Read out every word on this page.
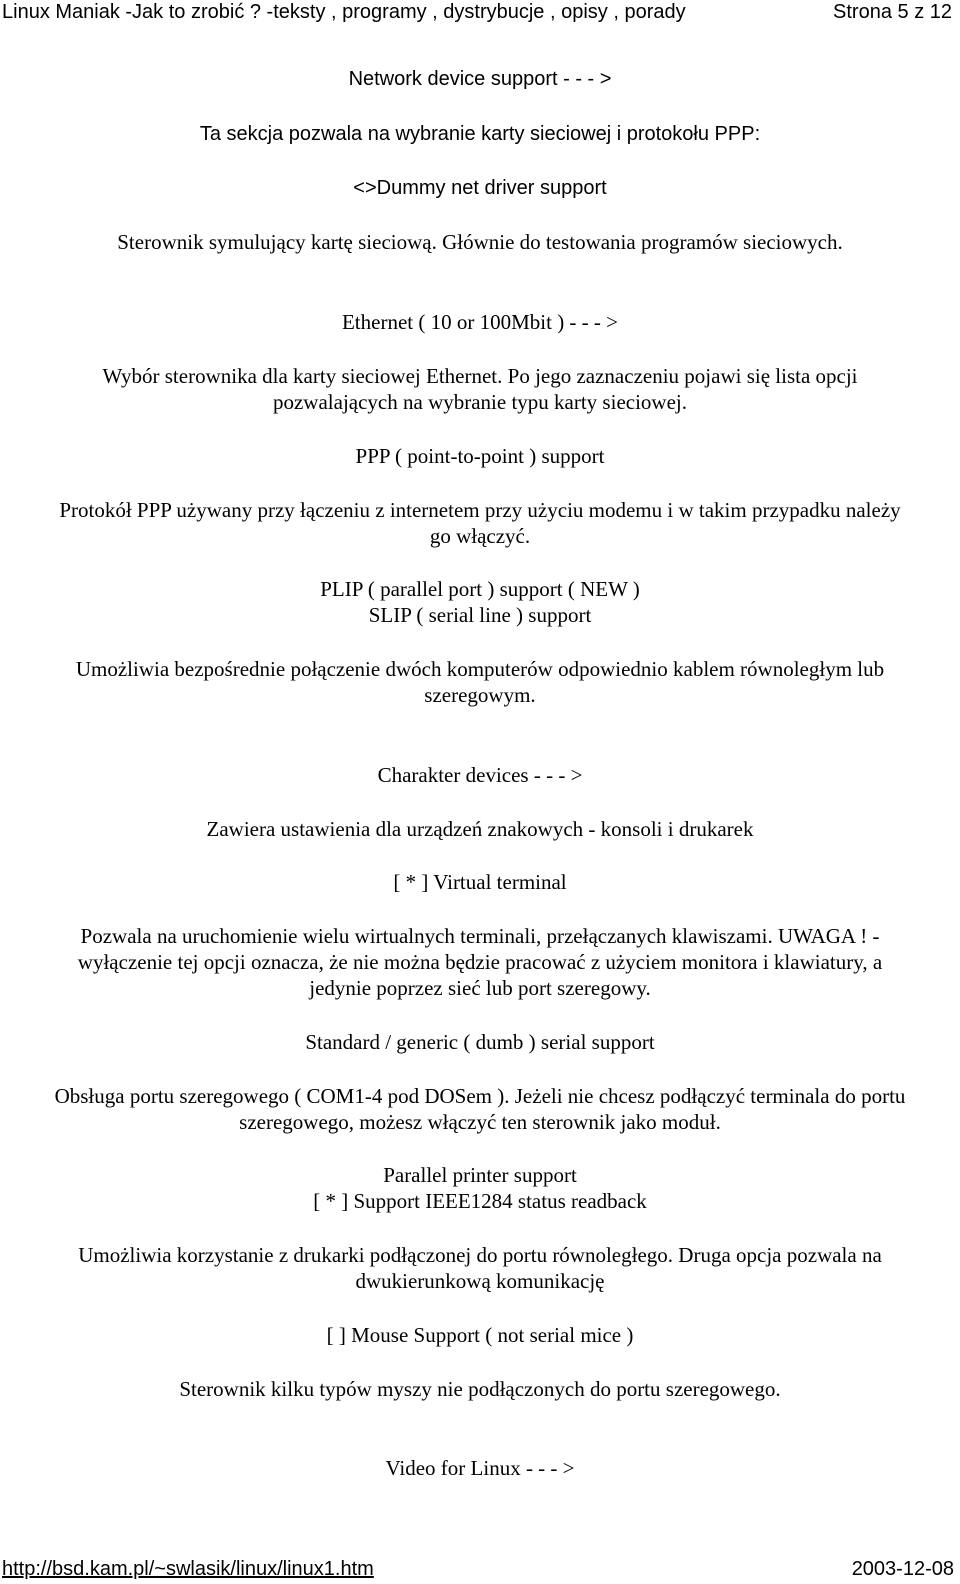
Linux Maniak -Jak to zrobić ? -teksty , programy , dystrybucje , opisy , porady	Strona 5 z 12

Network device support - - - >

Ta sekcja pozwala na wybranie karty sieciowej i protokołu PPP:

<>Dummy net driver support

Sterownik symulujący kartę sieciową. Głównie do testowania programów sieciowych.

Ethernet ( 10 or 100Mbit ) - - - >

Wybór sterownika dla karty sieciowej Ethernet. Po jego zaznaczeniu pojawi się lista opcji

pozwalających na wybranie typu karty sieciowej.

PPP ( point-to-point ) support

Protokół PPP używany przy łączeniu z internetem przy użyciu modemu i w takim przypadku należy

go włączyć.

PLIP ( parallel port ) support ( NEW )

SLIP ( serial line ) support

Umożliwia bezpośrednie połączenie dwóch komputerów odpowiednio kablem równoległym lub

szeregowym.

Charakter devices - - - >

Zawiera ustawienia dla urządzeń znakowych - konsoli i drukarek

[ * ] Virtual terminal

Pozwala na uruchomienie wielu wirtualnych terminali, przełączanych klawiszami. UWAGA ! -

wyłączenie tej opcji oznacza, że nie można będzie pracować z użyciem monitora i klawiatury, a

jedynie poprzez sieć lub port szeregowy.

Standard / generic ( dumb ) serial support

Obsługa portu szeregowego ( COM1-4 pod DOSem ). Jeżeli nie chcesz podłączyć terminala do portu

szeregowego, możesz włączyć ten sterownik jako moduł.

Parallel printer support

[ * ] Support IEEE1284 status readback

Umożliwia korzystanie z drukarki podłączonej do portu równoległego. Druga opcja pozwala na

dwukierunkową komunikację

[ ] Mouse Support ( not serial mice )

Sterownik kilku typów myszy nie podłączonych do portu szeregowego.

Video for Linux - - - >

http://bsd.kam.pl/~swlasik/linux/linux1.htm	2003-12-08
